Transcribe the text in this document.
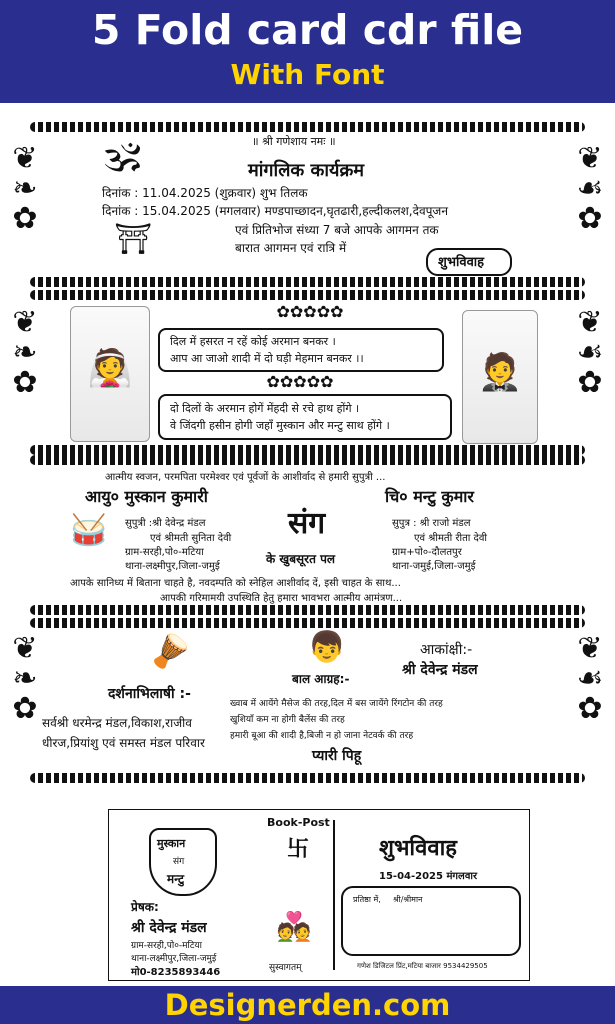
5 Fold card cdr file
With Font
❦
❧
✿
❦
☙
✿
॥ श्री गणेशाय नमः ॥
🕉	मांगलिक कार्यक्रम
दिनांक : 11.04.2025 (शुक्रवार) शुभ तिलक
दिनांक : 15.04.2025 (मगलवार) मण्डपाच्छादन,घृतढारी,हल्दीकलश,देवपूजन
एवं प्रितिभोज संध्या 7 बजे आपके आगमन तक
बारात आगमन एवं रात्रि में
शुभविवाह
⛩
❦
❧
✿
❦
☙
✿
👰	🤵
✿✿✿✿✿
दिल में हसरत न रहें कोई अरमान बनकर ।
आप आ जाओ शादी में दो घड़ी मेहमान बनकर ।।
✿✿✿✿✿
दो दिलों के अरमान होगें मेंहदी से रचे हाथ होंगे ।
वे जिंदगी हसीन होगी जहाँ मुस्कान और मन्टु साथ होंगे ।
आत्मीय स्वजन, परमपिता परमेश्वर एवं पूर्वजों के आशीर्वाद से हमारी सुपुत्री ...
आयु० मुस्कान कुमारी
🥁	सुपुत्री :श्री देवेन्द्र मंडल
एवं श्रीमती सुनिता देवी
ग्राम-सरही,पो०-मटिया
थाना-लक्ष्मीपुर,जिला-जमुई
संग
के खुबसूरत पल
चि० मन्टु कुमार
सुपुत्र : श्री राजो मंडल
एवं श्रीमती रीता देवी
ग्राम+पो०-दौलतपुर
थाना-जमुई,जिला-जमुई
आपके सानिध्य में बिताना चाहते है, नवदम्पति को स्नेहिल आशीर्वाद दें, इसी चाहत के साथ...
आपकी गरिमामयी उपस्थिति हेतु हमारा भावभरा आत्मीय आमंत्रण...
❦
❧
✿
❦
☙
✿
🪘
दर्शनाभिलाषी :-
सर्वश्री धरमेन्द्र मंडल,विकाश,राजीव
धीरज,प्रियांशु एवं समस्त मंडल परिवार
👦
बाल आग्रह:-
आकांक्षी:-
श्री देवेन्द्र मंडल
ख्वाब में आयेंगे मैसेज की तरह,दिल में बस जायेंगे रिंगटोन की तरह
खुशियाँ कम ना होगी बैलेंस की तरह
हमारी बूआ की शादी है,बिजी न हो जाना नेटवर्क की तरह
प्यारी पिहू
मुस्कान
संग
मन्टु
प्रेषक:
श्री देवेन्द्र मंडल
ग्राम-सरही,पो०-मटिया
थाना-लक्ष्मीपुर,जिला-जमुई
मो0-8235893446
Book-Post
卐
💑
सुस्वागतम्
शुभविवाह
15-04-2025 मंगलवार
प्रतिष्ठा में, श्री/श्रीमान
गणेश डिजिटल प्रिंट,मटिया बाजार 9534429505
Designerden.com
